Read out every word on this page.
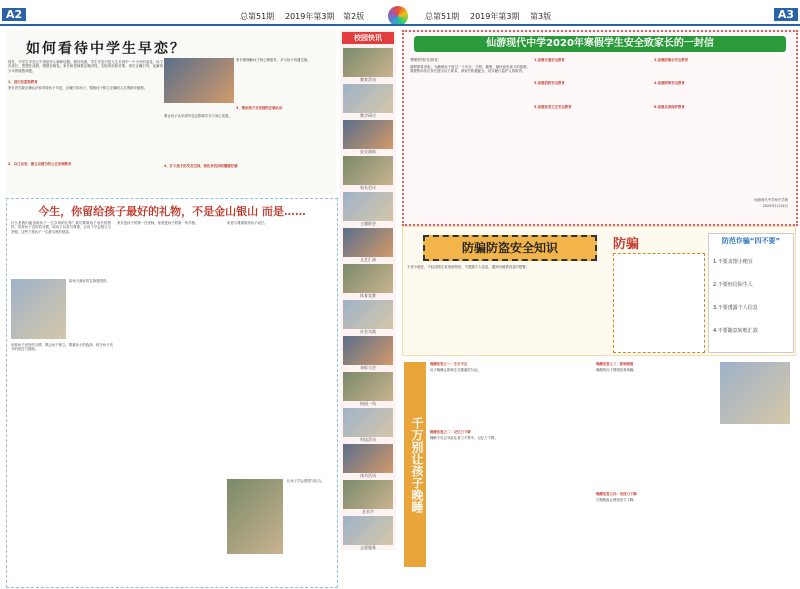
A2	总第51期 2019年第3期 第2版	总第51期 2019年第3期 第3版	A3
如何看待中学生早恋？
现在，中学生早恋已不再是什么新鲜话题。我们知道，学生早恋只是人生长河中一个小小的浪花，孩子在成长，思想在成熟，情感在萌发。家长和老师要正确对待，实际现状和对策，家长正确引导，化解青少年的情感问题。
1、进行恋爱观教育
家长首先要正确认识和对待孩子早恋，正确引导孩子，帮助孩子树立正确的人生观和价值观。
2、自己以身，建立以理为的公正协调教育
家长要理解孩子的心理需求，多与孩子沟通交流。
3、帮助孩子对恋情的正确认识
要让孩子认识到早恋会影响学习与身心发展。
4、扩大孩子的交友空间，淡化异性间的朦胧好感
今生，你留给孩子最好的礼物，不是金山银山 而是……
什么是我们能送给孩子一生享用的礼物？我们要做孩子成长的榜样，培养孩子良好的习惯，给孩子以爱与尊重，让孩子学会独立与坚强，这些才是孩子一生最宝贵的财富。
给孩子最好的礼物是陪伴。
培养孩子良好的习惯，教会孩子独立，尊重孩子的选择，给予孩子充分的信任与鼓励。
家长是孩子的第一任老师，家庭是孩子的第一所学校。	用爱与尊重陪伴孩子成长。
让孩子学会感恩与担当。
校园快讯
教育活动
教学研讨
安全演练
家长会议
主题班会
文艺汇演
体育竞赛
社会实践
表彰大会
校园一角
科技活动
读书活动
艺术节
志愿服务
仙游现代中学2020年寒假学生安全致家长的一封信
尊敬的家长朋友：
寒假即将来临，为确保孩子度过一个安全、文明、健康、愉快而有意义的寒假，我校特向各位家长提出以下要求，请家长积极配合，切实履行监护人的职责。
1.加强交通安全教育	2.加强防溺水安全教育
3.加强消防安全教育	4.加强网络安全教育
5.加强饮食卫生安全教育	6.加强自我保护教育
仙游现代中学家长学校
2020年1月14日
防骗防盗安全知识
不贪小便宜，不轻信陌生来电和短信，不透露个人信息，遇到可疑情况及时报警。
防骗	防范诈骗“四不要”
1.不要贪图小便宜
2.不要轻信陌生人
3.不要透露个人信息
4.不要随意转账汇款
千万别让孩子晚睡
晚睡危害之一：生长不良
孩子晚睡会影响生长激素的分泌。
晚睡危害之二：记忆力下降
睡眠不足会导致注意力不集中、记忆力下降。
晚睡危害之三：影响情绪
晚睡的孩子情绪容易烦躁。
晚睡危害之四：免疫力下降
长期熬夜会使免疫力下降。
